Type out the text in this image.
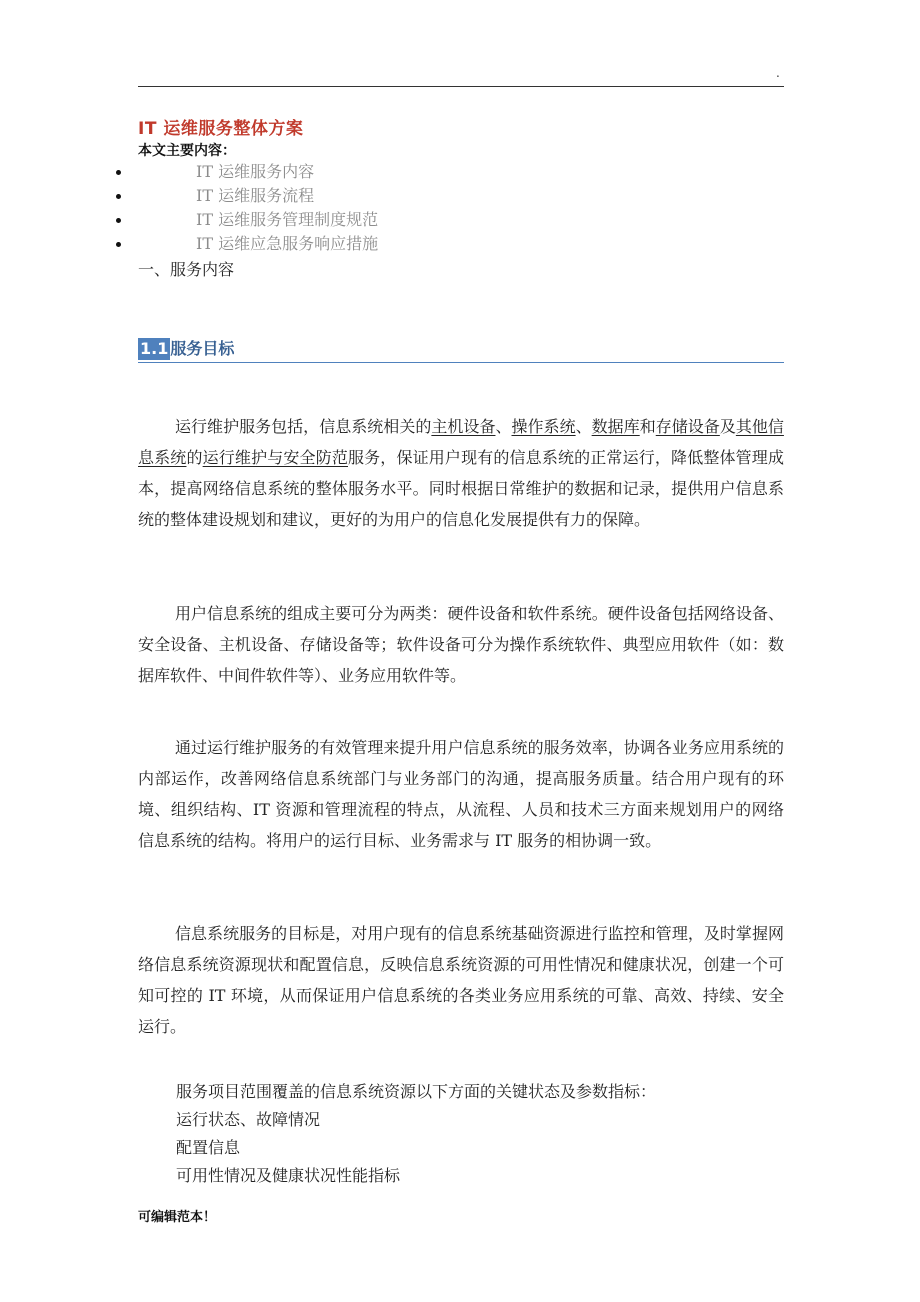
.
IT 运维服务整体方案
本文主要内容：
IT 运维服务内容
IT 运维服务流程
IT 运维服务管理制度规范
IT 运维应急服务响应措施
一、服务内容
1.1 服务目标

运行维护服务包括，信息系统相关的主机设备、操作系统、数据库和存储设备及其他信息系统的运行维护与安全防范服务，保证用户现有的信息系统的正常运行，降低整体管理成本，提高网络信息系统的整体服务水平。同时根据日常维护的数据和记录，提供用户信息系统的整体建设规划和建议，更好的为用户的信息化发展提供有力的保障。

用户信息系统的组成主要可分为两类：硬件设备和软件系统。硬件设备包括网络设备、安全设备、主机设备、存储设备等；软件设备可分为操作系统软件、典型应用软件（如：数据库软件、中间件软件等）、业务应用软件等。

通过运行维护服务的有效管理来提升用户信息系统的服务效率，协调各业务应用系统的内部运作，改善网络信息系统部门与业务部门的沟通，提高服务质量。结合用户现有的环境、组织结构、IT 资源和管理流程的特点，从流程、人员和技术三方面来规划用户的网络信息系统的结构。将用户的运行目标、业务需求与 IT 服务的相协调一致。

信息系统服务的目标是，对用户现有的信息系统基础资源进行监控和管理，及时掌握网络信息系统资源现状和配置信息，反映信息系统资源的可用性情况和健康状况，创建一个可知可控的 IT 环境，从而保证用户信息系统的各类业务应用系统的可靠、高效、持续、安全运行。

服务项目范围覆盖的信息系统资源以下方面的关键状态及参数指标：
运行状态、故障情况
配置信息
可用性情况及健康状况性能指标
可编辑范本！
